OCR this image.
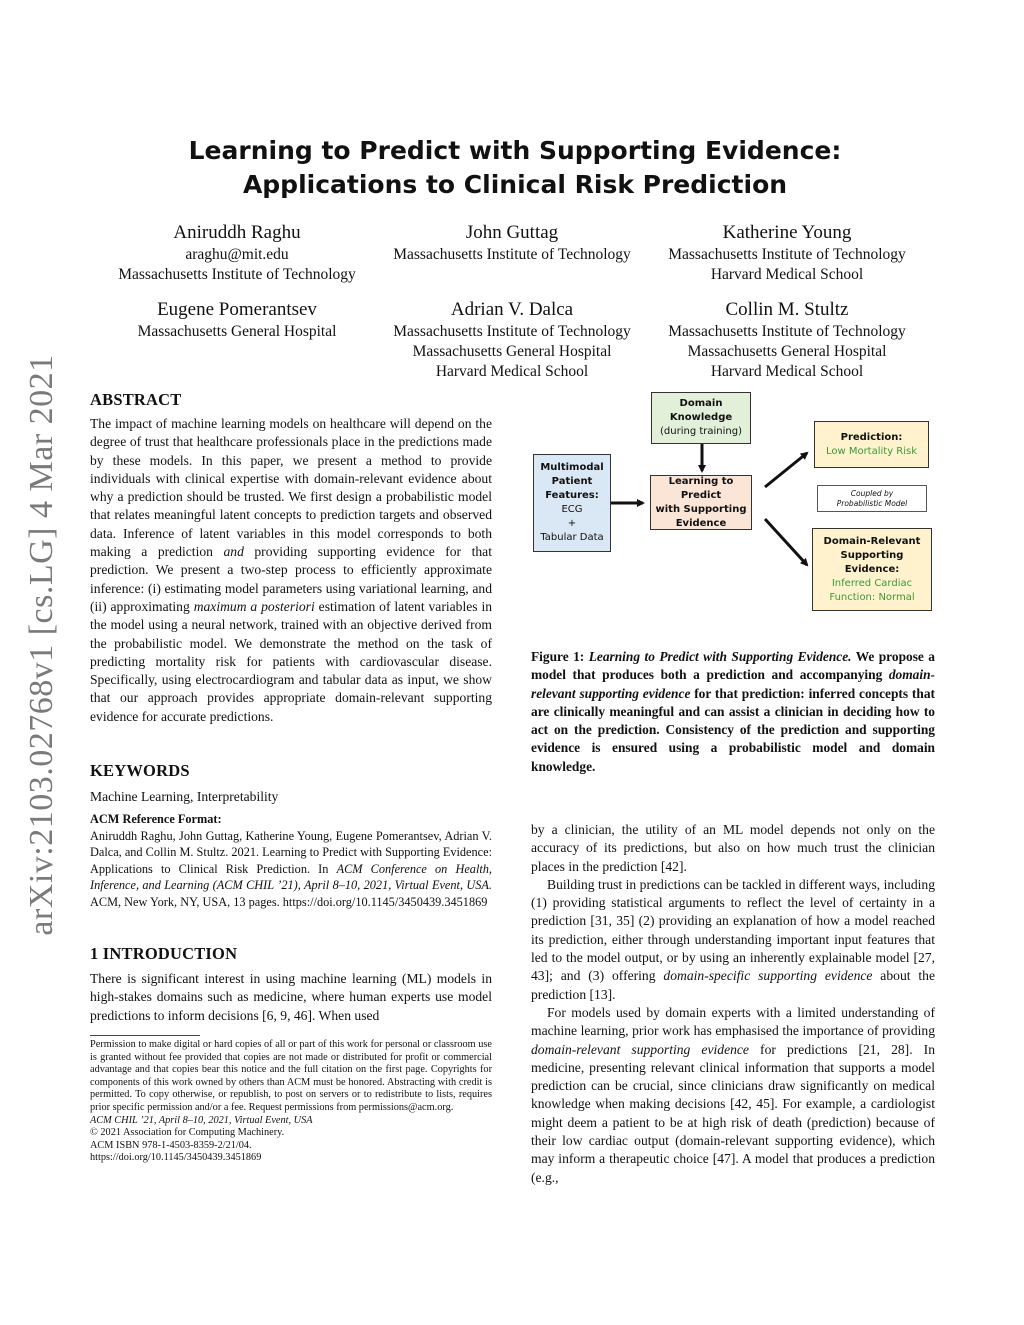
arXiv:2103.02768v1 [cs.LG] 4 Mar 2021
Learning to Predict with Supporting Evidence:
Applications to Clinical Risk Prediction
Aniruddh Raghu
araghu@mit.edu
Massachusetts Institute of Technology
John Guttag
Massachusetts Institute of Technology
Katherine Young
Massachusetts Institute of Technology
Harvard Medical School
Eugene Pomerantsev
Massachusetts General Hospital
Adrian V. Dalca
Massachusetts Institute of Technology
Massachusetts General Hospital
Harvard Medical School
Collin M. Stultz
Massachusetts Institute of Technology
Massachusetts General Hospital
Harvard Medical School
ABSTRACT

The impact of machine learning models on healthcare will depend on the degree of trust that healthcare professionals place in the predictions made by these models. In this paper, we present a method to provide individuals with clinical expertise with domain-relevant evidence about why a prediction should be trusted. We first design a probabilistic model that relates meaningful latent concepts to prediction targets and observed data. Inference of latent variables in this model corresponds to both making a prediction and providing supporting evidence for that prediction. We present a two-step process to efficiently approximate inference: (i) estimating model parameters using variational learning, and (ii) approximating maximum a posteriori estimation of latent variables in the model using a neural network, trained with an objective derived from the probabilistic model. We demonstrate the method on the task of predicting mortality risk for patients with cardiovascular disease. Specifically, using electrocardiogram and tabular data as input, we show that our approach provides appropriate domain-relevant supporting evidence for accurate predictions.

KEYWORDS

Machine Learning, Interpretability

ACM Reference Format:

Aniruddh Raghu, John Guttag, Katherine Young, Eugene Pomerantsev, Adrian V. Dalca, and Collin M. Stultz. 2021. Learning to Predict with Supporting Evidence: Applications to Clinical Risk Prediction. In ACM Conference on Health, Inference, and Learning (ACM CHIL ’21), April 8–10, 2021, Virtual Event, USA. ACM, New York, NY, USA, 13 pages. https://doi.org/10.1145/3450439.3451869

1 INTRODUCTION

There is significant interest in using machine learning (ML) models in high-stakes domains such as medicine, where human experts use model predictions to inform decisions [6, 9, 46]. When used

Permission to make digital or hard copies of all or part of this work for personal or classroom use is granted without fee provided that copies are not made or distributed for profit or commercial advantage and that copies bear this notice and the full citation on the first page. Copyrights for components of this work owned by others than ACM must be honored. Abstracting with credit is permitted. To copy otherwise, or republish, to post on servers or to redistribute to lists, requires prior specific permission and/or a fee. Request permissions from permissions@acm.org.

ACM CHIL ’21, April 8–10, 2021, Virtual Event, USA

© 2021 Association for Computing Machinery.

ACM ISBN 978-1-4503-8359-2/21/04.

https://doi.org/10.1145/3450439.3451869

Domain
Knowledge
(during training)
Multimodal
Patient
Features:
ECG
+
Tabular Data
Learning to Predict
with Supporting
Evidence
Prediction:
Low Mortality Risk
Coupled by
Probabilistic Model
Domain-Relevant
Supporting Evidence:
Inferred Cardiac
Function: Normal

Figure 1: Learning to Predict with Supporting Evidence. We propose a model that produces both a prediction and accompanying domain-relevant supporting evidence for that prediction: inferred concepts that are clinically meaningful and can assist a clinician in deciding how to act on the prediction. Consistency of the prediction and supporting evidence is ensured using a probabilistic model and domain knowledge.

by a clinician, the utility of an ML model depends not only on the accuracy of its predictions, but also on how much trust the clinician places in the prediction [42].

Building trust in predictions can be tackled in different ways, including (1) providing statistical arguments to reflect the level of certainty in a prediction [31, 35] (2) providing an explanation of how a model reached its prediction, either through understanding important input features that led to the model output, or by using an inherently explainable model [27, 43]; and (3) offering domain-specific supporting evidence about the prediction [13].

For models used by domain experts with a limited understanding of machine learning, prior work has emphasised the importance of providing domain-relevant supporting evidence for predictions [21, 28]. In medicine, presenting relevant clinical information that supports a model prediction can be crucial, since clinicians draw significantly on medical knowledge when making decisions [42, 45]. For example, a cardiologist might deem a patient to be at high risk of death (prediction) because of their low cardiac output (domain-relevant supporting evidence), which may inform a therapeutic choice [47]. A model that produces a prediction (e.g.,
